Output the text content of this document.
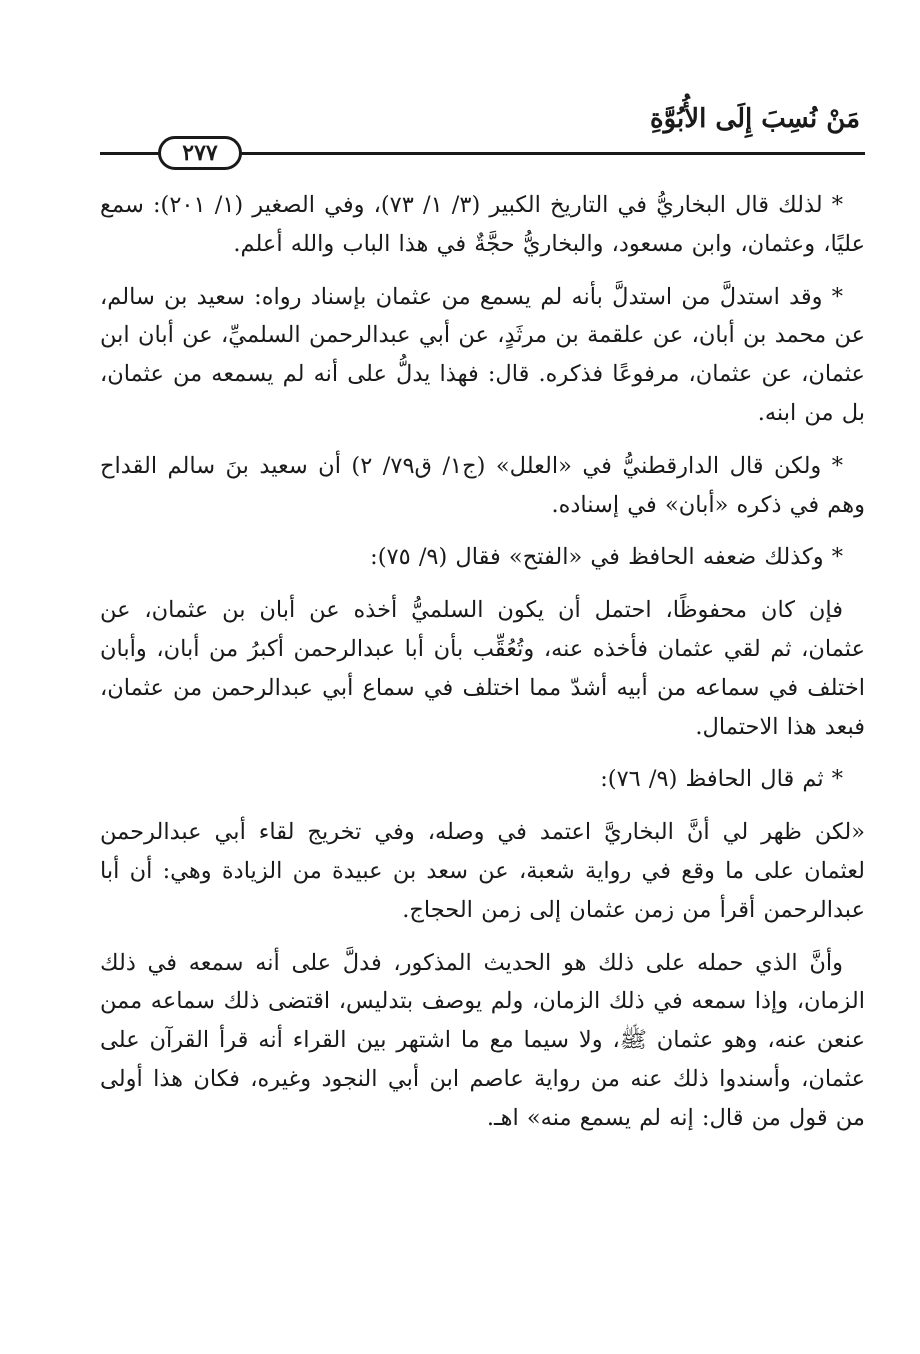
مَنْ نُسِبَ إِلَى الأُبُوَّةِ
٢٧٧

* لذلك قال البخاريُّ في التاريخ الكبير (٣/ ١/ ٧٣)، وفي الصغير (١/ ٢٠١): سمع عليًا، وعثمان، وابن مسعود، والبخاريُّ حجَّةٌ في هذا الباب والله أعلم.

* وقد استدلَّ من استدلَّ بأنه لم يسمع من عثمان بإسناد رواه: سعيد بن سالم، عن محمد بن أبان، عن علقمة بن مرثَدٍ، عن أبي عبدالرحمن السلميِّ، عن أبان ابن عثمان، عن عثمان، مرفوعًا فذكره. قال: فهذا يدلُّ على أنه لم يسمعه من عثمان، بل من ابنه.

* ولكن قال الدارقطنيُّ في «العلل» (ج١/ ق٧٩/ ٢) أن سعيد بنَ سالم القداح وهم في ذكره «أبان» في إسناده.

* وكذلك ضعفه الحافظ في «الفتح» فقال (٩/ ٧٥):

فإن كان محفوظًا، احتمل أن يكون السلميُّ أخذه عن أبان بن عثمان، عن عثمان، ثم لقي عثمان فأخذه عنه، وتُعُقِّب بأن أبا عبدالرحمن أكبرُ من أبان، وأبان اختلف في سماعه من أبيه أشدّ مما اختلف في سماع أبي عبدالرحمن من عثمان، فبعد هذا الاحتمال.

* ثم قال الحافظ (٩/ ٧٦):

«لكن ظهر لي أنَّ البخاريَّ اعتمد في وصله، وفي تخريج لقاء أبي عبدالرحمن لعثمان على ما وقع في رواية شعبة، عن سعد بن عبيدة من الزيادة وهي: أن أبا عبدالرحمن أقرأ من زمن عثمان إلى زمن الحجاج.

وأنَّ الذي حمله على ذلك هو الحديث المذكور، فدلَّ على أنه سمعه في ذلك الزمان، وإذا سمعه في ذلك الزمان، ولم يوصف بتدليس، اقتضى ذلك سماعه ممن عنعن عنه، وهو عثمان ﷺ، ولا سيما مع ما اشتهر بين القراء أنه قرأ القرآن على عثمان، وأسندوا ذلك عنه من رواية عاصم ابن أبي النجود وغيره، فكان هذا أولى من قول من قال: إنه لم يسمع منه» اهـ.
